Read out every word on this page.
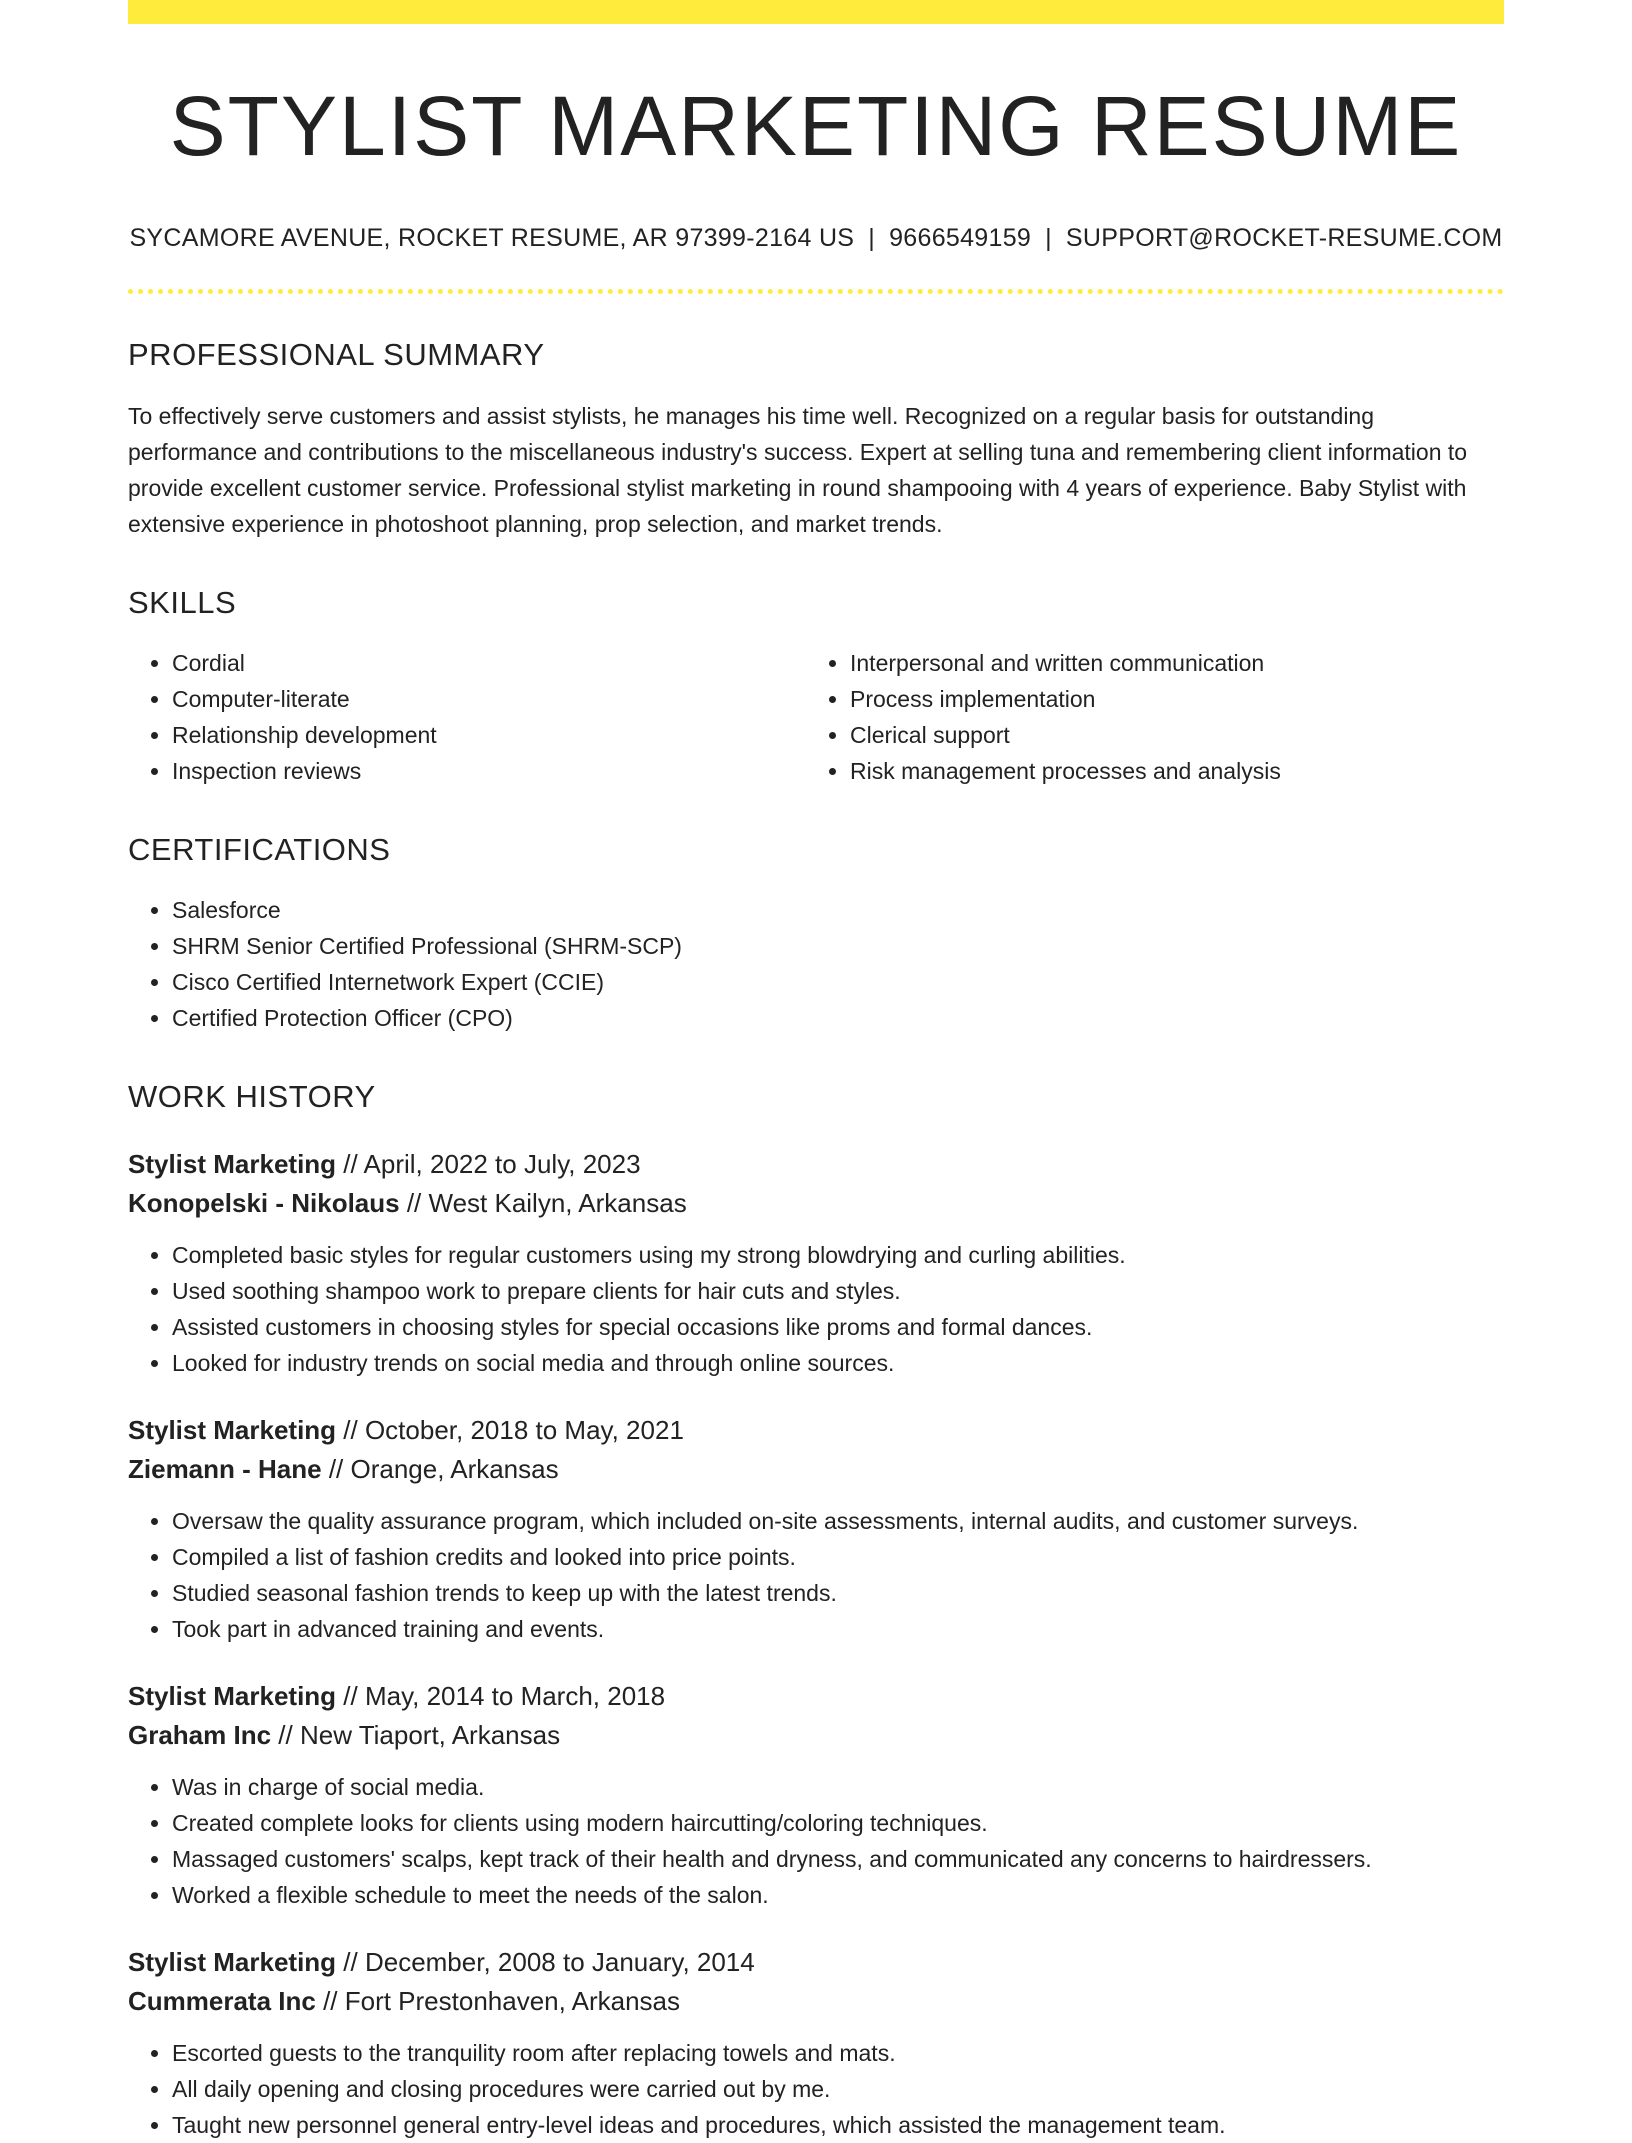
STYLIST MARKETING RESUME
SYCAMORE AVENUE, ROCKET RESUME, AR 97399-2164 US | 9666549159 | SUPPORT@ROCKET-RESUME.COM
PROFESSIONAL SUMMARY
To effectively serve customers and assist stylists, he manages his time well. Recognized on a regular basis for outstanding performance and contributions to the miscellaneous industry's success. Expert at selling tuna and remembering client information to provide excellent customer service. Professional stylist marketing in round shampooing with 4 years of experience. Baby Stylist with extensive experience in photoshoot planning, prop selection, and market trends.
SKILLS
• Cordial
• Computer-literate
• Relationship development
• Inspection reviews
• Interpersonal and written communication
• Process implementation
• Clerical support
• Risk management processes and analysis
CERTIFICATIONS
• Salesforce
• SHRM Senior Certified Professional (SHRM-SCP)
• Cisco Certified Internetwork Expert (CCIE)
• Certified Protection Officer (CPO)
WORK HISTORY
Stylist Marketing // April, 2022 to July, 2023
Konopelski - Nikolaus // West Kailyn, Arkansas
• Completed basic styles for regular customers using my strong blowdrying and curling abilities.
• Used soothing shampoo work to prepare clients for hair cuts and styles.
• Assisted customers in choosing styles for special occasions like proms and formal dances.
• Looked for industry trends on social media and through online sources.
Stylist Marketing // October, 2018 to May, 2021
Ziemann - Hane // Orange, Arkansas
• Oversaw the quality assurance program, which included on-site assessments, internal audits, and customer surveys.
• Compiled a list of fashion credits and looked into price points.
• Studied seasonal fashion trends to keep up with the latest trends.
• Took part in advanced training and events.
Stylist Marketing // May, 2014 to March, 2018
Graham Inc // New Tiaport, Arkansas
• Was in charge of social media.
• Created complete looks for clients using modern haircutting/coloring techniques.
• Massaged customers' scalps, kept track of their health and dryness, and communicated any concerns to hairdressers.
• Worked a flexible schedule to meet the needs of the salon.
Stylist Marketing // December, 2008 to January, 2014
Cummerata Inc // Fort Prestonhaven, Arkansas
• Escorted guests to the tranquility room after replacing towels and mats.
• All daily opening and closing procedures were carried out by me.
• Taught new personnel general entry-level ideas and procedures, which assisted the management team.
